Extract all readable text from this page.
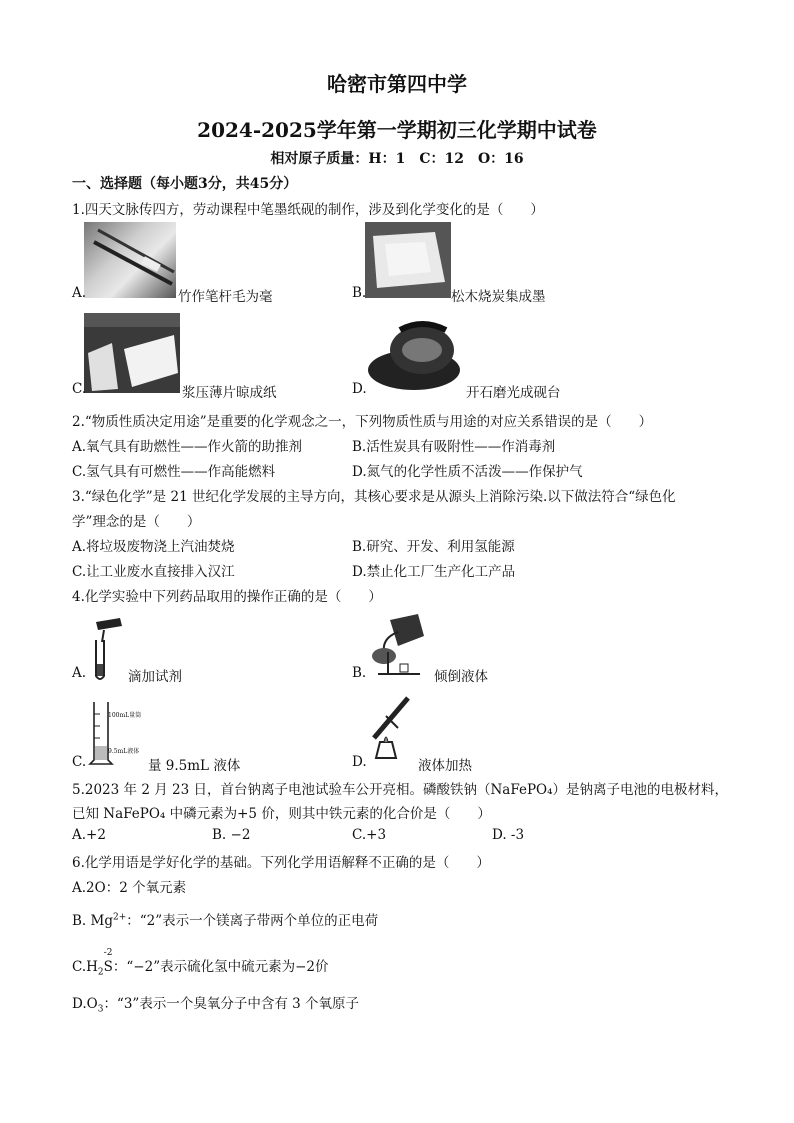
哈密市第四中学
2024-2025学年第一学期初三化学期中试卷
相对原子质量：H：1　C：12　O：16
一、选择题（每小题3分，共45分）
1.四天文脉传四方，劳动课程中笔墨纸砚的制作，涉及到化学变化的是（　　）
A.	竹作笔杆毛为毫	B.	松木烧炭集成墨
C.	浆压薄片晾成纸	D.	开石磨光成砚台
2.“物质性质决定用途”是重要的化学观念之一，下列物质性质与用途的对应关系错误的是（　　）
A.氧气具有助燃性——作火箭的助推剂	B.活性炭具有吸附性——作消毒剂
C.氢气具有可燃性——作高能燃料	D.氮气的化学性质不活泼——作保护气
3.“绿色化学”是 21 世纪化学发展的主导方向，其核心要求是从源头上消除污染.以下做法符合“绿色化
学”理念的是（　　）
A.将垃圾废物浇上汽油焚烧	B.研究、开发、利用氢能源
C.让工业废水直接排入汉江	D.禁止化工厂生产化工产品
4.化学实验中下列药品取用的操作正确的是（　　）
A.	滴加试剂	B.	倾倒液体
100mL量筒
9.5mL液体
C.	量 9.5mL 液体	D.	液体加热
5.2023 年 2 月 23 日，首台钠离子电池试验车公开亮相。磷酸铁钠（NaFePO₄）是钠离子电池的电极材料，
已知 NaFePO₄ 中磷元素为+5 价，则其中铁元素的化合价是（　　）
A.+2	B. −2	C.+3	D. -3
6.化学用语是学好化学的基础。下列化学用语解释不正确的是（　　）
A.2O：2 个氧元素
B. $Mg^{2+}$：“2”表示一个镁离子带两个单位的正电荷
$C.H_2S$
-2
：“−2”表示硫化氢中硫元素为−2价
$D.O_3$：“3”表示一个臭氧分子中含有 3 个氧原子
